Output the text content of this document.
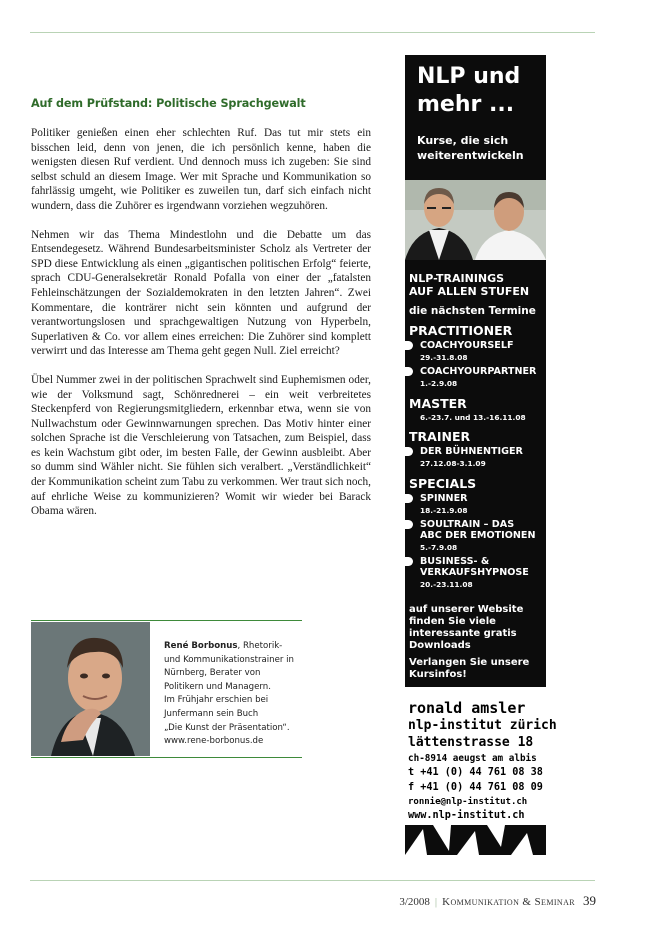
Auf dem Prüfstand: Politische Sprachgewalt

Politiker genießen einen eher schlechten Ruf. Das tut mir stets ein bisschen leid, denn von jenen, die ich persönlich kenne, haben die wenigsten diesen Ruf verdient. Und dennoch muss ich zugeben: Sie sind selbst schuld an diesem Image. Wer mit Sprache und Kommunikation so fahrlässig umgeht, wie Politiker es zuweilen tun, darf sich einfach nicht wundern, dass die Zuhörer es irgendwann vorziehen wegzuhören.

Nehmen wir das Thema Mindestlohn und die Debatte um das Entsendegesetz. Während Bundesarbeitsminister Scholz als Vertreter der SPD diese Entwicklung als einen „gigantischen politischen Erfolg“ feierte, sprach CDU-Generalsekretär Ronald Pofalla von einer der „fatalsten Fehleinschätzungen der Sozialdemokraten in den letzten Jahren“. Zwei Kommentare, die konträrer nicht sein könnten und aufgrund der verantwortungslosen und sprachgewaltigen Nutzung von Hyperbeln, Superlativen & Co. vor allem eines erreichen: Die Zuhörer sind komplett verwirrt und das Interesse am Thema geht gegen Null. Ziel erreicht?

Übel Nummer zwei in der politischen Sprachwelt sind Euphemismen oder, wie der Volksmund sagt, Schönrednerei – ein weit verbreitetes Steckenpferd von Regierungsmitgliedern, erkennbar etwa, wenn sie von Nullwachstum oder Gewinnwarnungen sprechen. Das Motiv hinter einer solchen Sprache ist die Verschleierung von Tatsachen, zum Beispiel, dass es kein Wachstum gibt oder, im besten Falle, der Gewinn ausbleibt. Aber so dumm sind Wähler nicht. Sie fühlen sich veralbert. „Verständlichkeit“ der Kommunikation scheint zum Tabu zu verkommen. Wer traut sich noch, auf ehrliche Weise zu kommunizieren? Womit wir wieder bei Barack Obama wären.

René Borbonus, Rhetorik-
und Kommunikationstrainer in
Nürnberg, Berater von
Politikern und Managern.
Im Frühjahr erschien bei
Junfermann sein Buch
„Die Kunst der Präsentation“.
www.rene-borbonus.de
NLP und
mehr ...
Kurse, die sich
weiterentwickeln
NLP-TRAININGS
AUF ALLEN STUFEN
die nächsten Termine
PRACTITIONER
COACHYOURSELF
29.-31.8.08
COACHYOURPARTNER
1.-2.9.08
MASTER
6.-23.7. und 13.-16.11.08
TRAINER
DER BÜHNENTIGER
27.12.08-3.1.09
SPECIALS
SPINNER
18.-21.9.08
SOULTRAIN – DAS
ABC DER EMOTIONEN
5.-7.9.08
BUSINESS- &
VERKAUFSHYPNOSE
20.-23.11.08
auf unserer Website
finden Sie viele
interessante gratis
Downloads
Verlangen Sie unsere
Kursinfos!
ronald amsler
nlp-institut zürich
lättenstrasse 18
ch-8914 aeugst am albis
t +41 (0) 44 761 08 38
f +41 (0) 44 761 08 09
ronnie@nlp-institut.ch
www.nlp-institut.ch
3/2008 | Kommunikation & Seminar 39
